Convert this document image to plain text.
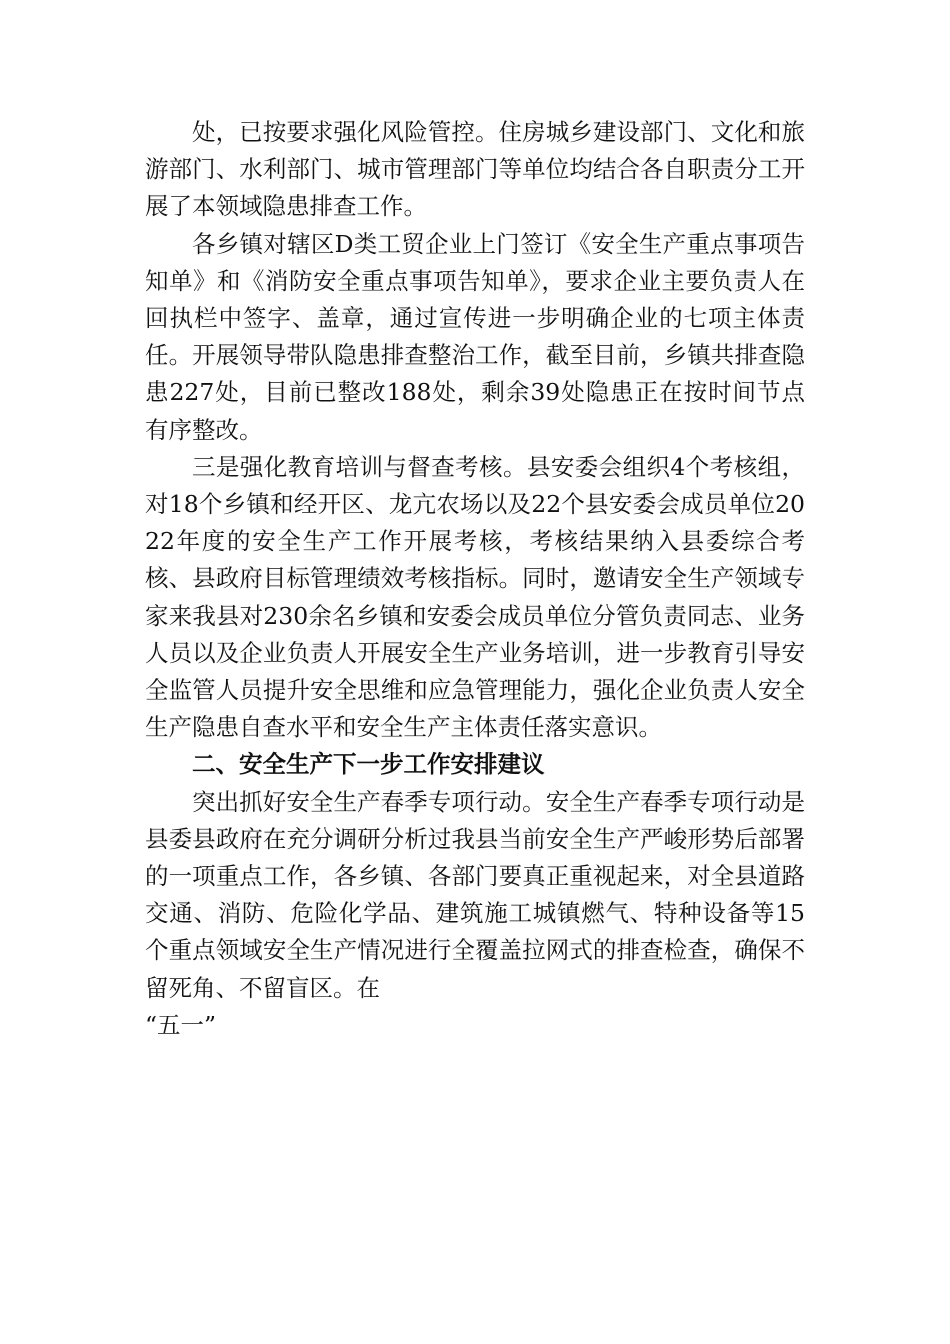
处，已按要求强化风险管控。住房城乡建设部门、文化和旅游部门、水利部门、城市管理部门等单位均结合各自职责分工开展了本领域隐患排查工作。

各乡镇对辖区D类工贸企业上门签订《安全生产重点事项告知单》和《消防安全重点事项告知单》，要求企业主要负责人在回执栏中签字、盖章，通过宣传进一步明确企业的七项主体责任。开展领导带队隐患排查整治工作，截至目前，乡镇共排查隐患227处，目前已整改188处，剩余39处隐患正在按时间节点有序整改。

三是强化教育培训与督查考核。县安委会组织4个考核组，对18个乡镇和经开区、龙亢农场以及22个县安委会成员单位2022年度的安全生产工作开展考核，考核结果纳入县委综合考核、县政府目标管理绩效考核指标。同时，邀请安全生产领域专家来我县对230余名乡镇和安委会成员单位分管负责同志、业务人员以及企业负责人开展安全生产业务培训，进一步教育引导安全监管人员提升安全思维和应急管理能力，强化企业负责人安全生产隐患自查水平和安全生产主体责任落实意识。

二、安全生产下一步工作安排建议

突出抓好安全生产春季专项行动。安全生产春季专项行动是县委县政府在充分调研分析过我县当前安全生产严峻形势后部署的一项重点工作，各乡镇、各部门要真正重视起来，对全县道路交通、消防、危险化学品、建筑施工城镇燃气、特种设备等15个重点领域安全生产情况进行全覆盖拉网式的排查检查，确保不留死角、不留盲区。在

“五一”
